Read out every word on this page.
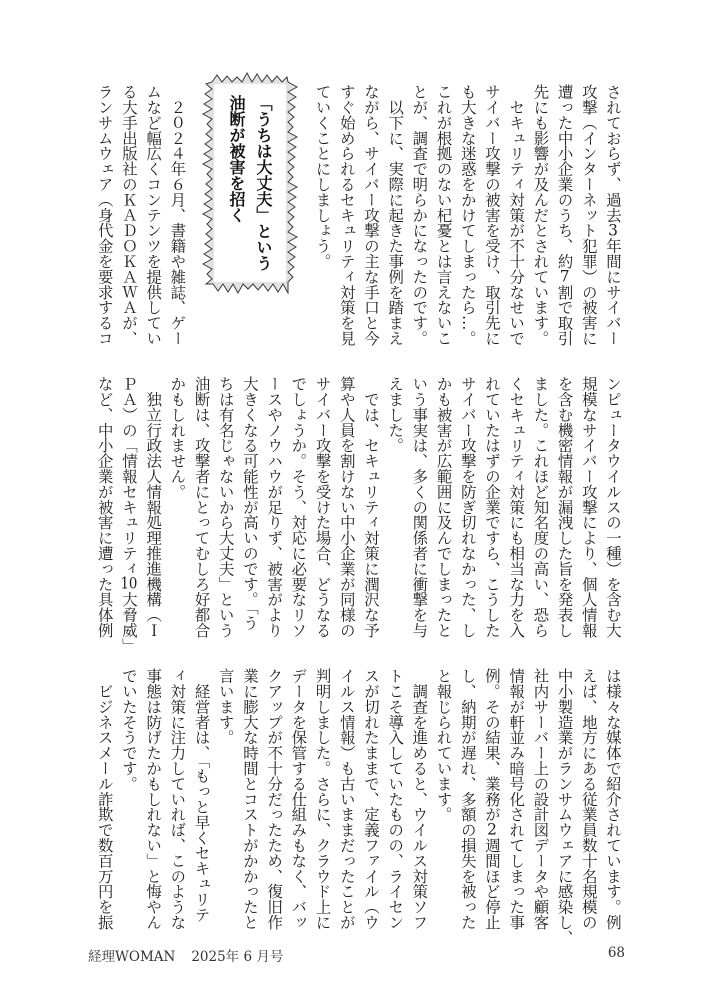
されておらず、過去3年間にサイバー
攻撃（インターネット犯罪）の被害に
遭った中小企業のうち、約7割で取引
先にも影響が及んだとされています。
　セキュリティ対策が不十分なせいで
サイバー攻撃の被害を受け、取引先に
も大きな迷惑をかけてしまったら…。
これが根拠のない杞憂とは言えないこ
とが、調査で明らかになったのです。
　以下に、実際に起きた事例を踏まえ
ながら、サイバー攻撃の主な手口と今
すぐ始められるセキュリティ対策を見
ていくことにしましょう。
　２０２４年６月、書籍や雑誌、ゲー
ムなど幅広くコンテンツを提供してい
る大手出版社のＫＡＤＯＫＡＷＡが、
ランサムウェア（身代金を要求するコ
ンピュータウイルスの一種）を含む大
規模なサイバー攻撃により、個人情報
を含む機密情報が漏洩した旨を発表し
ました。これほど知名度の高い、恐ら
くセキュリティ対策にも相当な力を入
れていたはずの企業ですら、こうした
サイバー攻撃を防ぎ切れなかった、し
かも被害が広範囲に及んでしまったと
いう事実は、多くの関係者に衝撃を与
えました。
　では、セキュリティ対策に潤沢な予
算や人員を割けない中小企業が同様の
サイバー攻撃を受けた場合、どうなる
でしょうか。そう、対応に必要なリソ
ースやノウハウが足りず、被害がより
大きくなる可能性が高いのです。「う
ちは有名じゃないから大丈夫」という
油断は、攻撃者にとってむしろ好都合
かもしれません。
　独立行政法人情報処理推進機構（Ｉ
ＰＡ）の「情報セキュリティ10大脅威」
など、中小企業が被害に遭った具体例
は様々な媒体で紹介されています。例
えば、地方にある従業員数十名規模の
中小製造業がランサムウェアに感染し、
社内サーバー上の設計図データや顧客
情報が軒並み暗号化されてしまった事
例。その結果、業務が2週間ほど停止
し、納期が遅れ、多額の損失を被った
と報じられています。
　調査を進めると、ウイルス対策ソフ
トこそ導入していたものの、ライセン
スが切れたままで、定義ファイル（ウ
イルス情報）も古いままだったことが
判明しました。さらに、クラウド上に
データを保管する仕組みもなく、バッ
クアップが不十分だったため、復旧作
業に膨大な時間とコストがかかったと
言います。
　経営者は、「もっと早くセキュリテ
ィ対策に注力していれば、このような
事態は防げたかもしれない」と悔やん
でいたそうです。
　ビジネスメール詐欺で数百万円を振
「うちは大丈夫」という
油断が被害を招く
経理WOMAN 2025年 6 月号	68
